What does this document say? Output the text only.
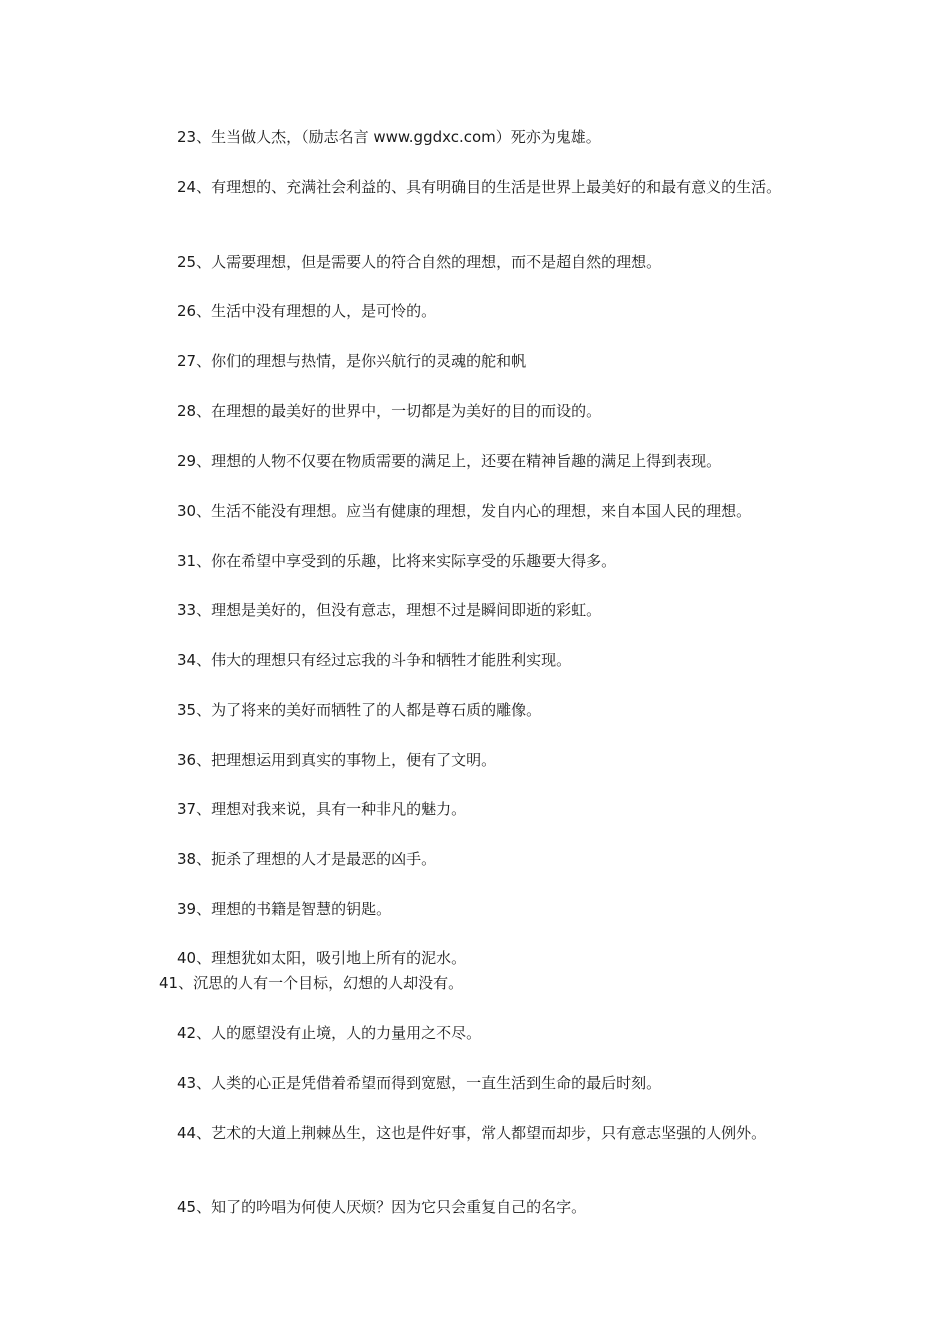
23、生当做人杰，（励志名言 www.ggdxc.com）死亦为鬼雄。
24、有理想的、充满社会利益的、具有明确目的生活是世界上最美好的和最有意义的生活。
25、人需要理想，但是需要人的符合自然的理想，而不是超自然的理想。
26、生活中没有理想的人，是可怜的。
27、你们的理想与热情，是你兴航行的灵魂的舵和帆
28、在理想的最美好的世界中，一切都是为美好的目的而设的。
29、理想的人物不仅要在物质需要的满足上，还要在精神旨趣的满足上得到表现。
30、生活不能没有理想。应当有健康的理想，发自内心的理想，来自本国人民的理想。
31、你在希望中享受到的乐趣，比将来实际享受的乐趣要大得多。
33、理想是美好的，但没有意志，理想不过是瞬间即逝的彩虹。
34、伟大的理想只有经过忘我的斗争和牺牲才能胜利实现。
35、为了将来的美好而牺牲了的人都是尊石质的雕像。
36、把理想运用到真实的事物上，便有了文明。
37、理想对我来说，具有一种非凡的魅力。
38、扼杀了理想的人才是最恶的凶手。
39、理想的书籍是智慧的钥匙。
40、理想犹如太阳，吸引地上所有的泥水。
41、沉思的人有一个目标，幻想的人却没有。
42、人的愿望没有止境，人的力量用之不尽。
43、人类的心正是凭借着希望而得到宽慰，一直生活到生命的最后时刻。
44、艺术的大道上荆棘丛生，这也是件好事，常人都望而却步，只有意志坚强的人例外。
45、知了的吟唱为何使人厌烦？因为它只会重复自己的名字。
